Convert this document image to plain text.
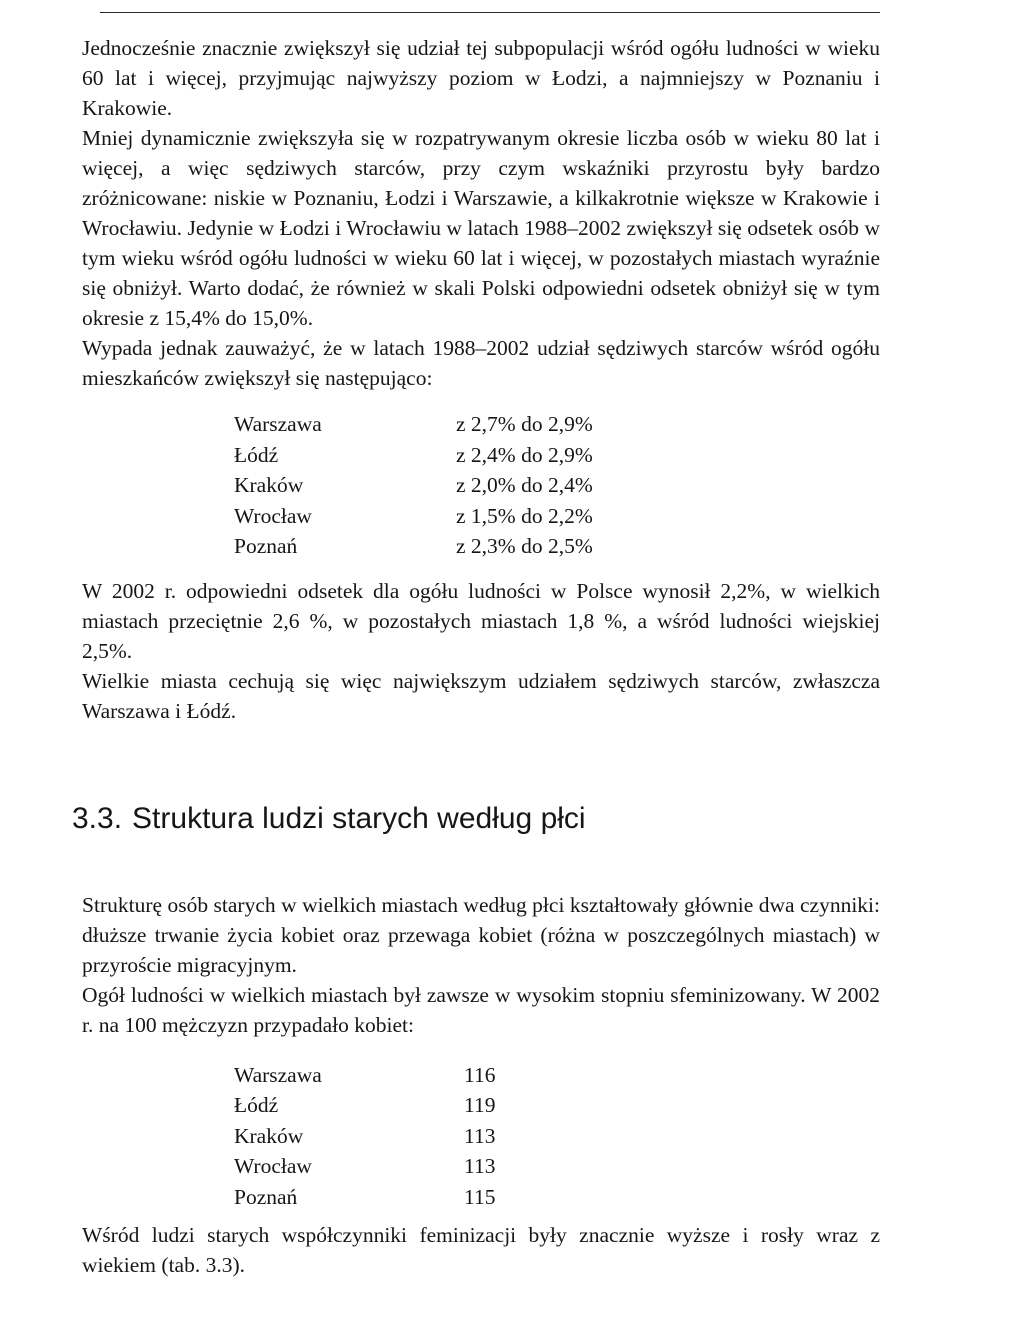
Jednocześnie znacznie zwiększył się udział tej subpopulacji wśród ogółu ludności w wieku 60 lat i więcej, przyjmując najwyższy poziom w Łodzi, a najmniejszy w Poznaniu i Krakowie.

Mniej dynamicznie zwiększyła się w rozpatrywanym okresie liczba osób w wieku 80 lat i więcej, a więc sędziwych starców, przy czym wskaźniki przyrostu były bardzo zróżnicowane: niskie w Poznaniu, Łodzi i Warszawie, a kilkakrotnie większe w Krakowie i Wrocławiu. Jedynie w Łodzi i Wrocławiu w latach 1988–2002 zwiększył się odsetek osób w tym wieku wśród ogółu ludności w wieku 60 lat i więcej, w pozostałych miastach wyraźnie się obniżył. Warto dodać, że również w skali Polski odpowiedni odsetek obniżył się w tym okresie z 15,4% do 15,0%.

Wypada jednak zauważyć, że w latach 1988–2002 udział sędziwych starców wśród ogółu mieszkańców zwiększył się następująco:

Warszawa	z 2,7% do 2,9%
Łódź	z 2,4% do 2,9%
Kraków	z 2,0% do 2,4%
Wrocław	z 1,5% do 2,2%
Poznań	z 2,3% do 2,5%

W 2002 r. odpowiedni odsetek dla ogółu ludności w Polsce wynosił 2,2%, w wielkich miastach przeciętnie 2,6 %, w pozostałych miastach 1,8 %, a wśród ludności wiejskiej 2,5%.

Wielkie miasta cechują się więc największym udziałem sędziwych starców, zwłaszcza Warszawa i Łódź.

3.3. Struktura ludzi starych według płci

Strukturę osób starych w wielkich miastach według płci kształtowały głównie dwa czynniki: dłuższe trwanie życia kobiet oraz przewaga kobiet (różna w poszczególnych miastach) w przyroście migracyjnym.

Ogół ludności w wielkich miastach był zawsze w wysokim stopniu sfeminizowany. W 2002 r. na 100 mężczyzn przypadało kobiet:

Warszawa	116
Łódź	119
Kraków	113
Wrocław	113
Poznań	115

Wśród ludzi starych współczynniki feminizacji były znacznie wyższe i rosły wraz z wiekiem (tab. 3.3).
